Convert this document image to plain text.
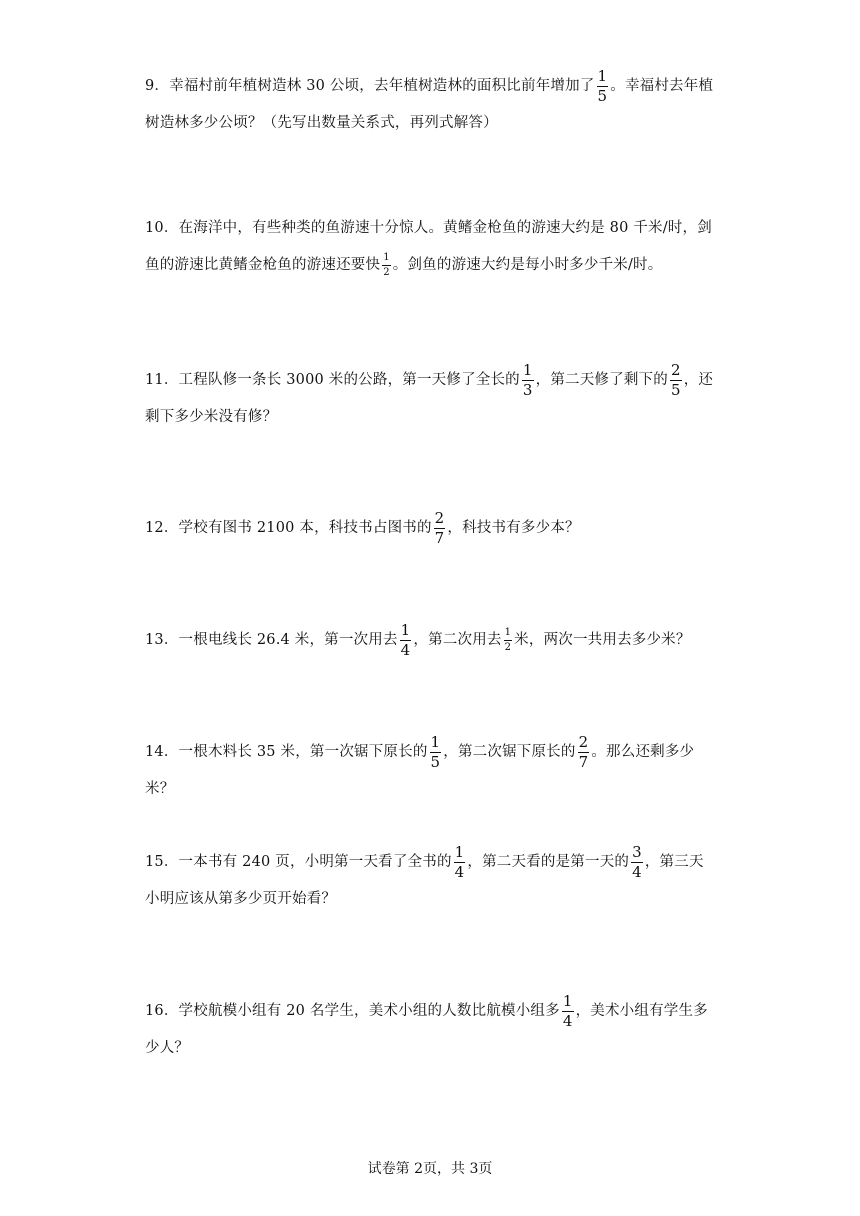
9．幸福村前年植树造林 30 公顷，去年植树造林的面积比前年增加了 $\frac{1}{5}$ 。幸福村去年植树造林多少公顷？（先写出数量关系式，再列式解答）
10．在海洋中，有些种类的鱼游速十分惊人。黄鳍金枪鱼的游速大约是 80 千米/时，剑鱼的游速比黄鳍金枪鱼的游速还要快 $\frac{1}{2}$ 。剑鱼的游速大约是每小时多少千米/时。
11．工程队修一条长 3000 米的公路，第一天修了全长的 $\frac{1}{3}$ ，第二天修了剩下的 $\frac{2}{5}$ ，还剩下多少米没有修？
12．学校有图书 2100 本，科技书占图书的 $\frac{2}{7}$ ，科技书有多少本？
13．一根电线长 26.4 米，第一次用去 $\frac{1}{4}$ ，第二次用去 $\frac{1}{2}$ 米，两次一共用去多少米？
14．一根木料长 35 米，第一次锯下原长的 $\frac{1}{5}$ ，第二次锯下原长的 $\frac{2}{7}$ 。那么还剩多少米？
15．一本书有 240 页，小明第一天看了全书的 $\frac{1}{4}$ ，第二天看的是第一天的 $\frac{3}{4}$ ，第三天小明应该从第多少页开始看？
16．学校航模小组有 20 名学生，美术小组的人数比航模小组多 $\frac{1}{4}$ ，美术小组有学生多少人？
试卷第 2页，共 3页
